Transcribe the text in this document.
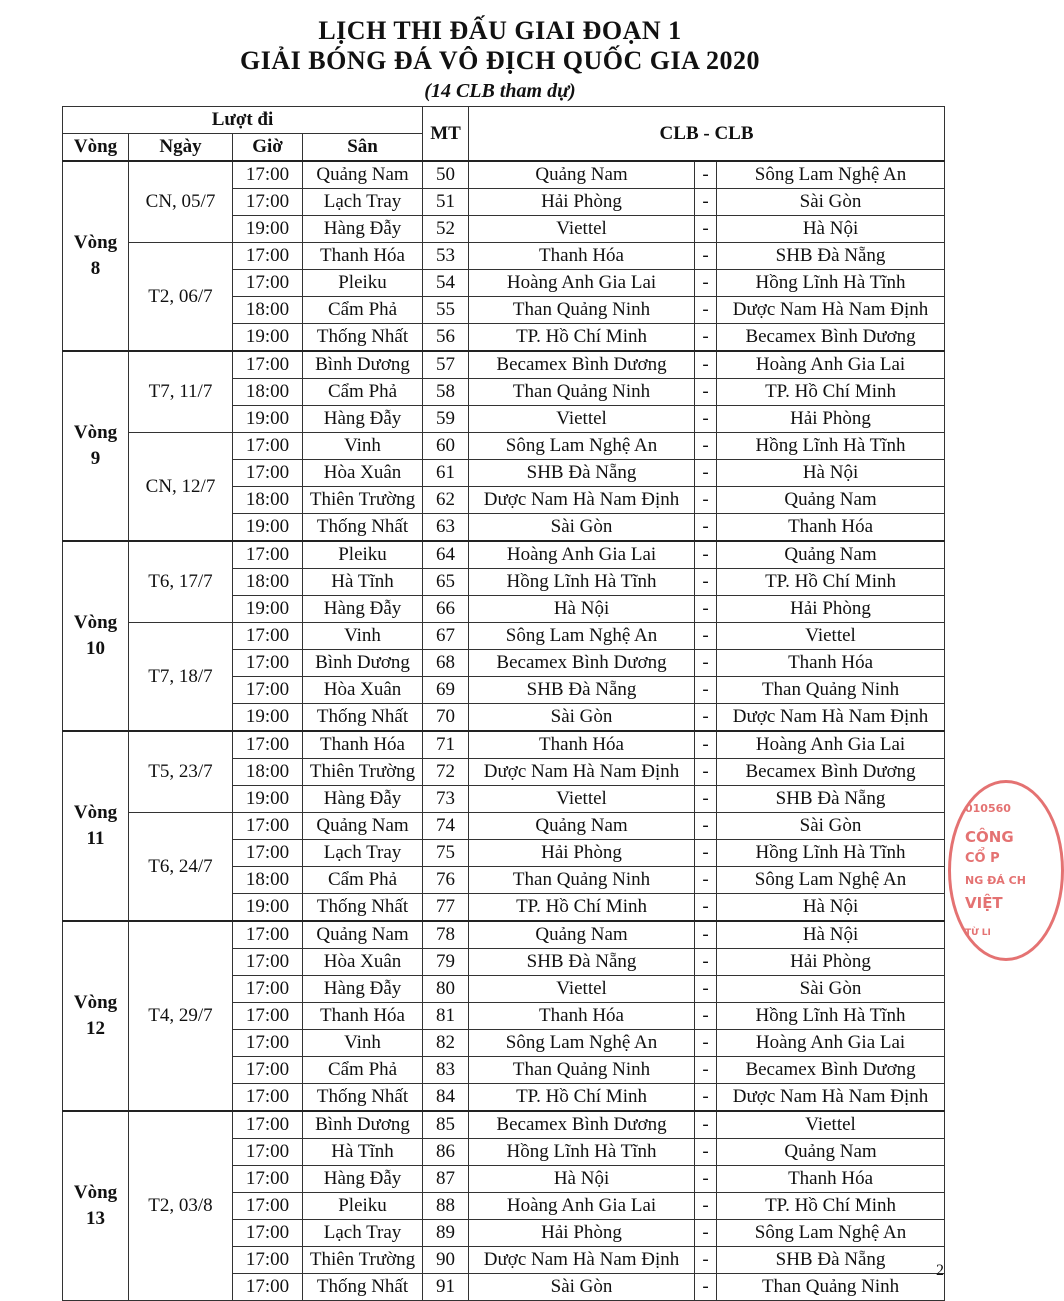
LỊCH THI ĐẤU GIAI ĐOẠN 1
GIẢI BÓNG ĐÁ VÔ ĐỊCH QUỐC GIA 2020
(14 CLB tham dự)
Lượt đi				MT	CLB - CLB		
Vòng	Ngày	Giờ	Sân				

Vòng
8	CN, 05/7	17:00	Quảng Nam	50	Quảng Nam	-	Sông Lam Nghệ An
		17:00	Lạch Tray	51	Hải Phòng	-	Sài Gòn
		19:00	Hàng Đẫy	52	Viettel	-	Hà Nội
	T2, 06/7	17:00	Thanh Hóa	53	Thanh Hóa	-	SHB Đà Nẵng
		17:00	Pleiku	54	Hoàng Anh Gia Lai	-	Hồng Lĩnh Hà Tĩnh
		18:00	Cẩm Phả	55	Than Quảng Ninh	-	Dược Nam Hà Nam Định
		19:00	Thống Nhất	56	TP. Hồ Chí Minh	-	Becamex Bình Dương

Vòng
9	T7, 11/7	17:00	Bình Dương	57	Becamex Bình Dương	-	Hoàng Anh Gia Lai
		18:00	Cẩm Phả	58	Than Quảng Ninh	-	TP. Hồ Chí Minh
		19:00	Hàng Đẫy	59	Viettel	-	Hải Phòng
	CN, 12/7	17:00	Vinh	60	Sông Lam Nghệ An	-	Hồng Lĩnh Hà Tĩnh
		17:00	Hòa Xuân	61	SHB Đà Nẵng	-	Hà Nội
		18:00	Thiên Trường	62	Dược Nam Hà Nam Định	-	Quảng Nam
		19:00	Thống Nhất	63	Sài Gòn	-	Thanh Hóa

Vòng
10	T6, 17/7	17:00	Pleiku	64	Hoàng Anh Gia Lai	-	Quảng Nam
		18:00	Hà Tĩnh	65	Hồng Lĩnh Hà Tĩnh	-	TP. Hồ Chí Minh
		19:00	Hàng Đẫy	66	Hà Nội	-	Hải Phòng
	T7, 18/7	17:00	Vinh	67	Sông Lam Nghệ An	-	Viettel
		17:00	Bình Dương	68	Becamex Bình Dương	-	Thanh Hóa
		17:00	Hòa Xuân	69	SHB Đà Nẵng	-	Than Quảng Ninh
		19:00	Thống Nhất	70	Sài Gòn	-	Dược Nam Hà Nam Định

Vòng
11	T5, 23/7	17:00	Thanh Hóa	71	Thanh Hóa	-	Hoàng Anh Gia Lai
		18:00	Thiên Trường	72	Dược Nam Hà Nam Định	-	Becamex Bình Dương
		19:00	Hàng Đẫy	73	Viettel	-	SHB Đà Nẵng
	T6, 24/7	17:00	Quảng Nam	74	Quảng Nam	-	Sài Gòn
		17:00	Lạch Tray	75	Hải Phòng	-	Hồng Lĩnh Hà Tĩnh
		18:00	Cẩm Phả	76	Than Quảng Ninh	-	Sông Lam Nghệ An
		19:00	Thống Nhất	77	TP. Hồ Chí Minh	-	Hà Nội

Vòng
12	T4, 29/7	17:00	Quảng Nam	78	Quảng Nam	-	Hà Nội
		17:00	Hòa Xuân	79	SHB Đà Nẵng	-	Hải Phòng
		17:00	Hàng Đẫy	80	Viettel	-	Sài Gòn
		17:00	Thanh Hóa	81	Thanh Hóa	-	Hồng Lĩnh Hà Tĩnh
		17:00	Vinh	82	Sông Lam Nghệ An	-	Hoàng Anh Gia Lai
		17:00	Cẩm Phả	83	Than Quảng Ninh	-	Becamex Bình Dương
		17:00	Thống Nhất	84	TP. Hồ Chí Minh	-	Dược Nam Hà Nam Định

Vòng
13	T2, 03/8	17:00	Bình Dương	85	Becamex Bình Dương	-	Viettel
		17:00	Hà Tĩnh	86	Hồng Lĩnh Hà Tĩnh	-	Quảng Nam
		17:00	Hàng Đẫy	87	Hà Nội	-	Thanh Hóa
		17:00	Pleiku	88	Hoàng Anh Gia Lai	-	TP. Hồ Chí Minh
		17:00	Lạch Tray	89	Hải Phòng	-	Sông Lam Nghệ An
		17:00	Thiên Trường	90	Dược Nam Hà Nam Định	-	SHB Đà Nẵng
		17:00	Thống Nhất	91	Sài Gòn	-	Than Quảng Ninh
2
010560
CÔNG
CỔ P
NG ĐÁ CH
VIỆT
TỪ LI
